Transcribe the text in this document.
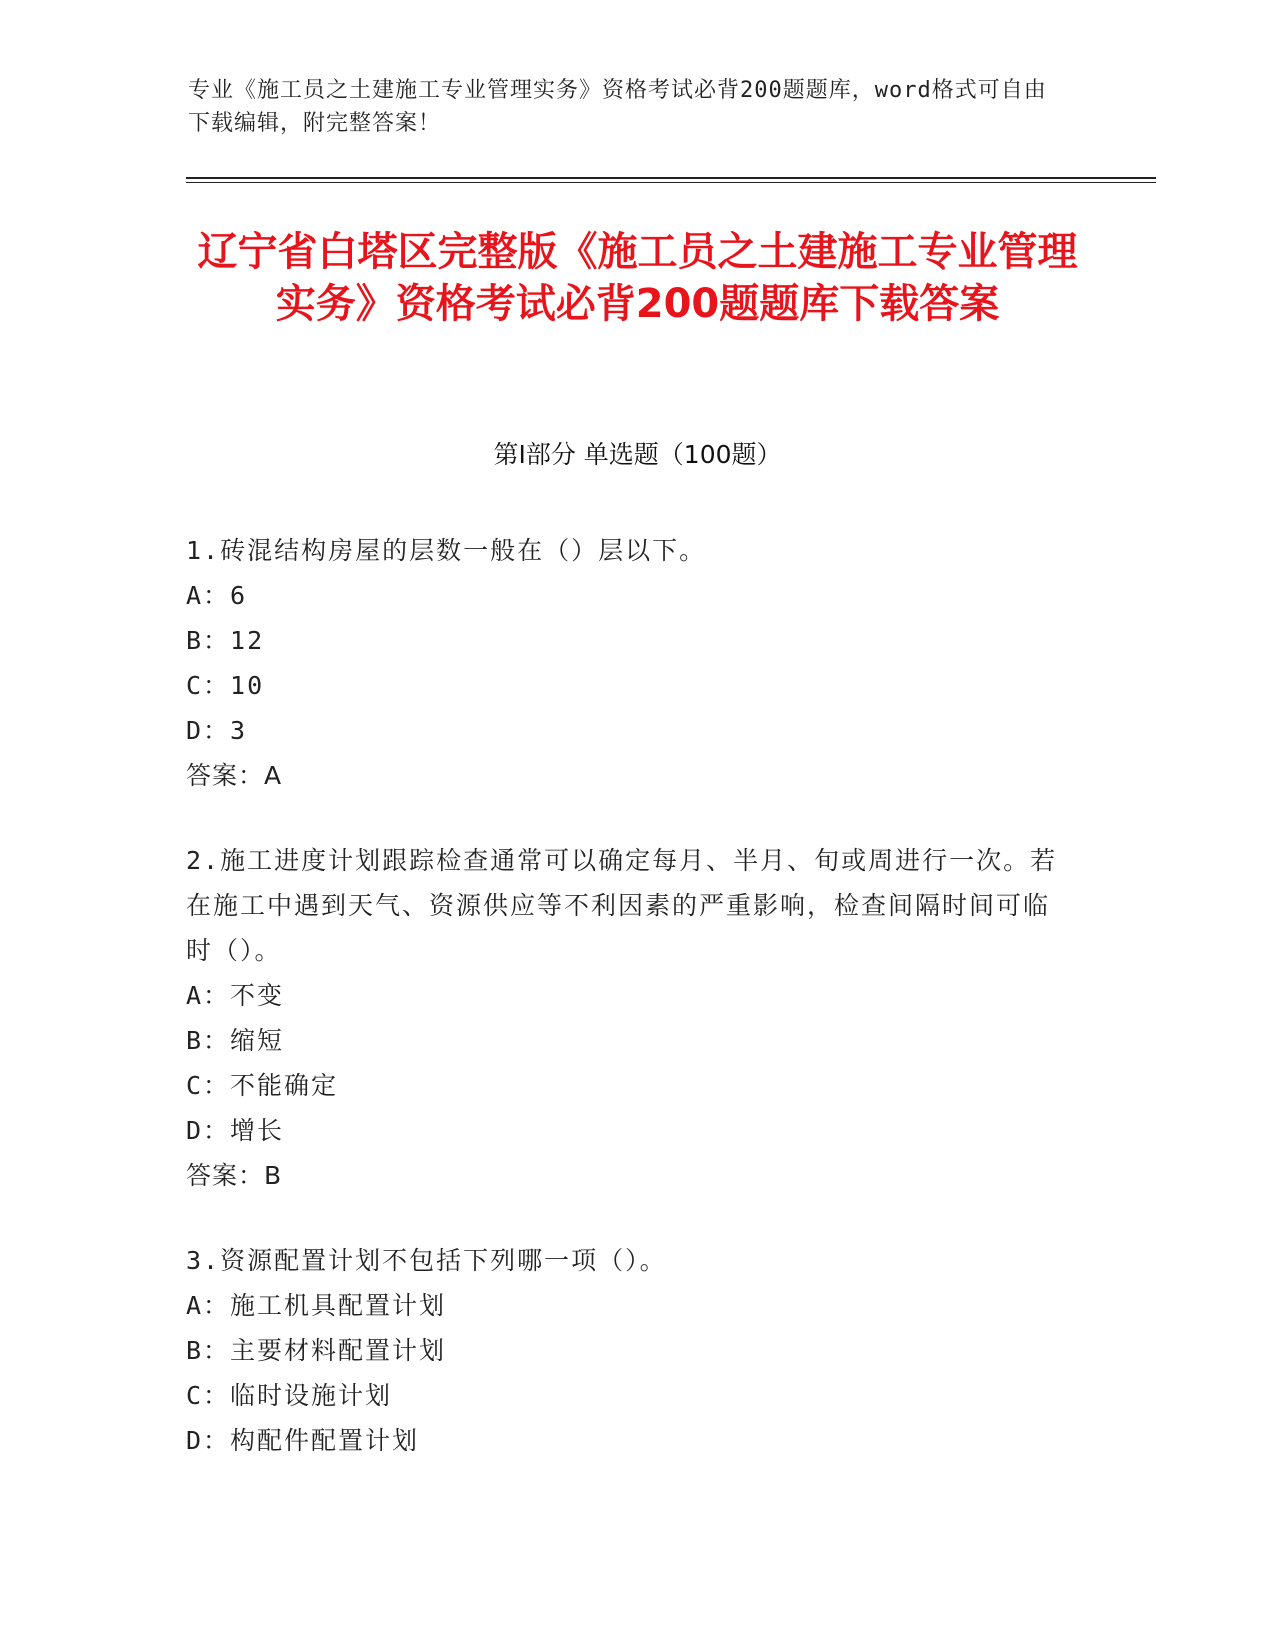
专业《施工员之土建施工专业管理实务》资格考试必背200题题库，word格式可自由下载编辑，附完整答案！
辽宁省白塔区完整版《施工员之土建施工专业管理实务》资格考试必背200题题库下载答案
第Ⅰ部分 单选题（100题）
1.砖混结构房屋的层数一般在（）层以下。
A：6
B：12
C：10
D：3
答案：A
2.施工进度计划跟踪检查通常可以确定每月、半月、旬或周进行一次。若在施工中遇到天气、资源供应等不利因素的严重影响，检查间隔时间可临时（）。
A：不变
B：缩短
C：不能确定
D：增长
答案：B
3.资源配置计划不包括下列哪一项（）。
A：施工机具配置计划
B：主要材料配置计划
C：临时设施计划
D：构配件配置计划
